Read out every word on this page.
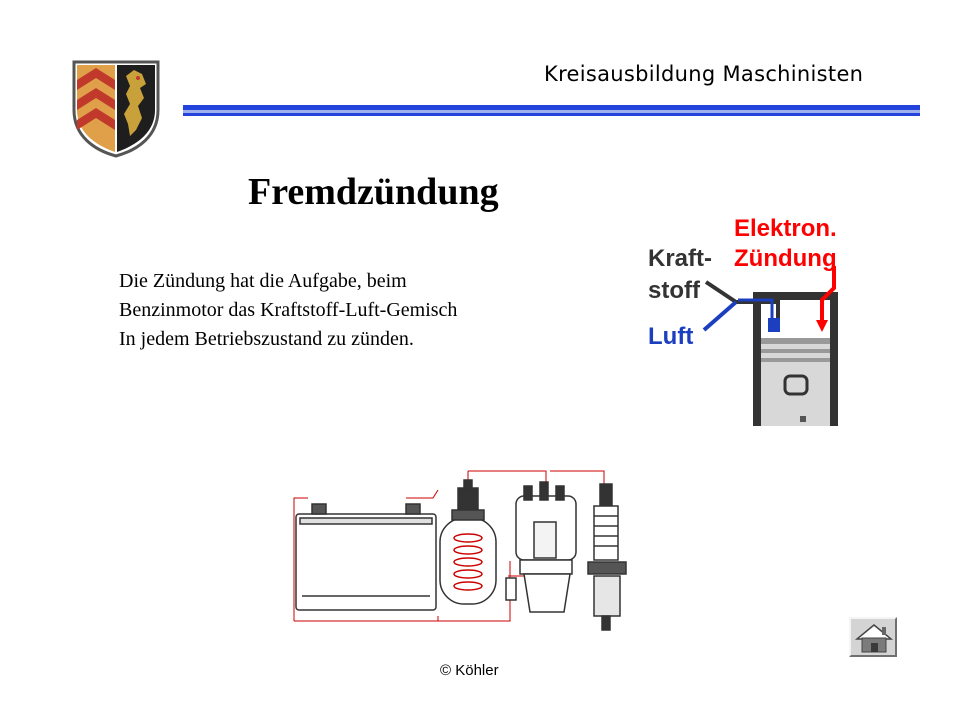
Kreisausbildung Maschinisten
Fremdzündung
Die Zündung hat die Aufgabe, beim
Benzinmotor das Kraftstoff-Luft-Gemisch
In jedem Betriebszustand zu zünden.
Elektron.
Zündung
Kraft-
stoff
Luft
© Köhler
